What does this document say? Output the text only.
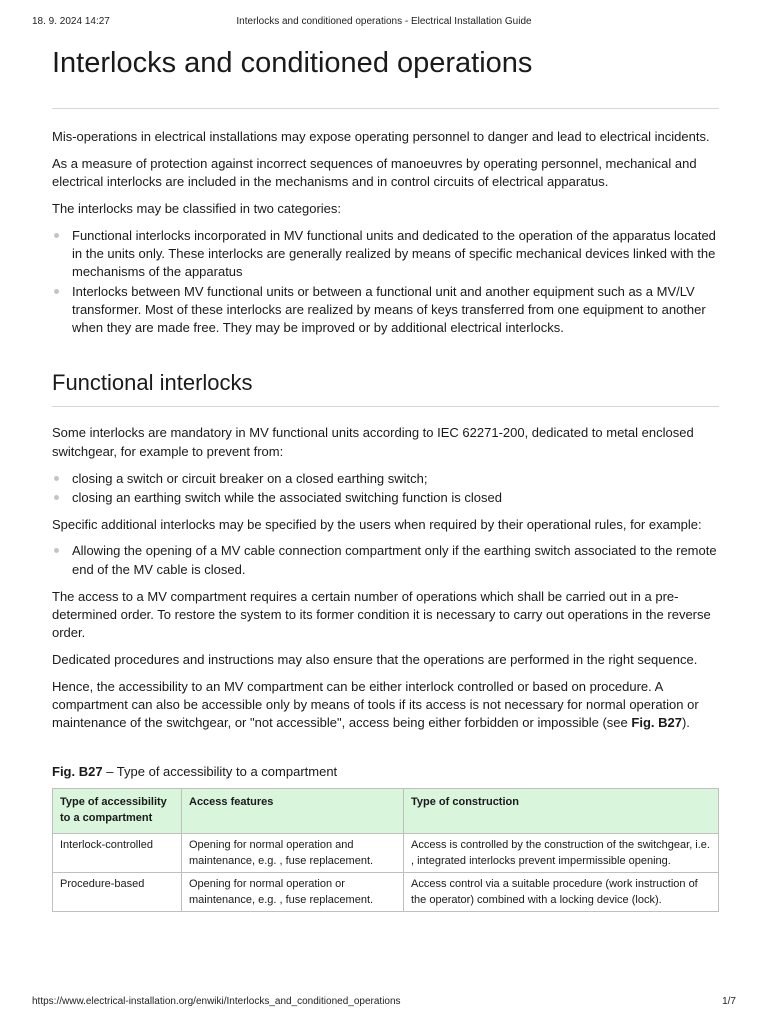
18. 9. 2024 14:27	Interlocks and conditioned operations - Electrical Installation Guide
Interlocks and conditioned operations

Mis-operations in electrical installations may expose operating personnel to danger and lead to electrical incidents.

As a measure of protection against incorrect sequences of manoeuvres by operating personnel, mechanical and electrical interlocks are included in the mechanisms and in control circuits of electrical apparatus.

The interlocks may be classified in two categories:

Functional interlocks incorporated in MV functional units and dedicated to the operation of the apparatus located in the units only. These interlocks are generally realized by means of specific mechanical devices linked with the mechanisms of the apparatus
Interlocks between MV functional units or between a functional unit and another equipment such as a MV/LV transformer. Most of these interlocks are realized by means of keys transferred from one equipment to another when they are made free. They may be improved or by additional electrical interlocks.
Functional interlocks

Some interlocks are mandatory in MV functional units according to IEC 62271-200, dedicated to metal enclosed switchgear, for example to prevent from:

closing a switch or circuit breaker on a closed earthing switch;
closing an earthing switch while the associated switching function is closed

Specific additional interlocks may be specified by the users when required by their operational rules, for example:

Allowing the opening of a MV cable connection compartment only if the earthing switch associated to the remote end of the MV cable is closed.

The access to a MV compartment requires a certain number of operations which shall be carried out in a pre-determined order. To restore the system to its former condition it is necessary to carry out operations in the reverse order.

Dedicated procedures and instructions may also ensure that the operations are performed in the right sequence.

Hence, the accessibility to an MV compartment can be either interlock controlled or based on procedure. A compartment can also be accessible only by means of tools if its access is not necessary for normal operation or maintenance of the switchgear, or "not accessible", access being either forbidden or impossible (see Fig. B27).

Fig. B27 – Type of accessibility to a compartment
Type of accessibility to a compartment	Access features	Type of construction
Interlock-controlled	Opening for normal operation and maintenance, e.g. , fuse replacement.	Access is controlled by the construction of the switchgear, i.e. , integrated interlocks prevent impermissible opening.
Procedure-based	Opening for normal operation or maintenance, e.g. , fuse replacement.	Access control via a suitable procedure (work instruction of the operator) combined with a locking device (lock).
https://www.electrical-installation.org/enwiki/Interlocks_and_conditioned_operations	1/7
